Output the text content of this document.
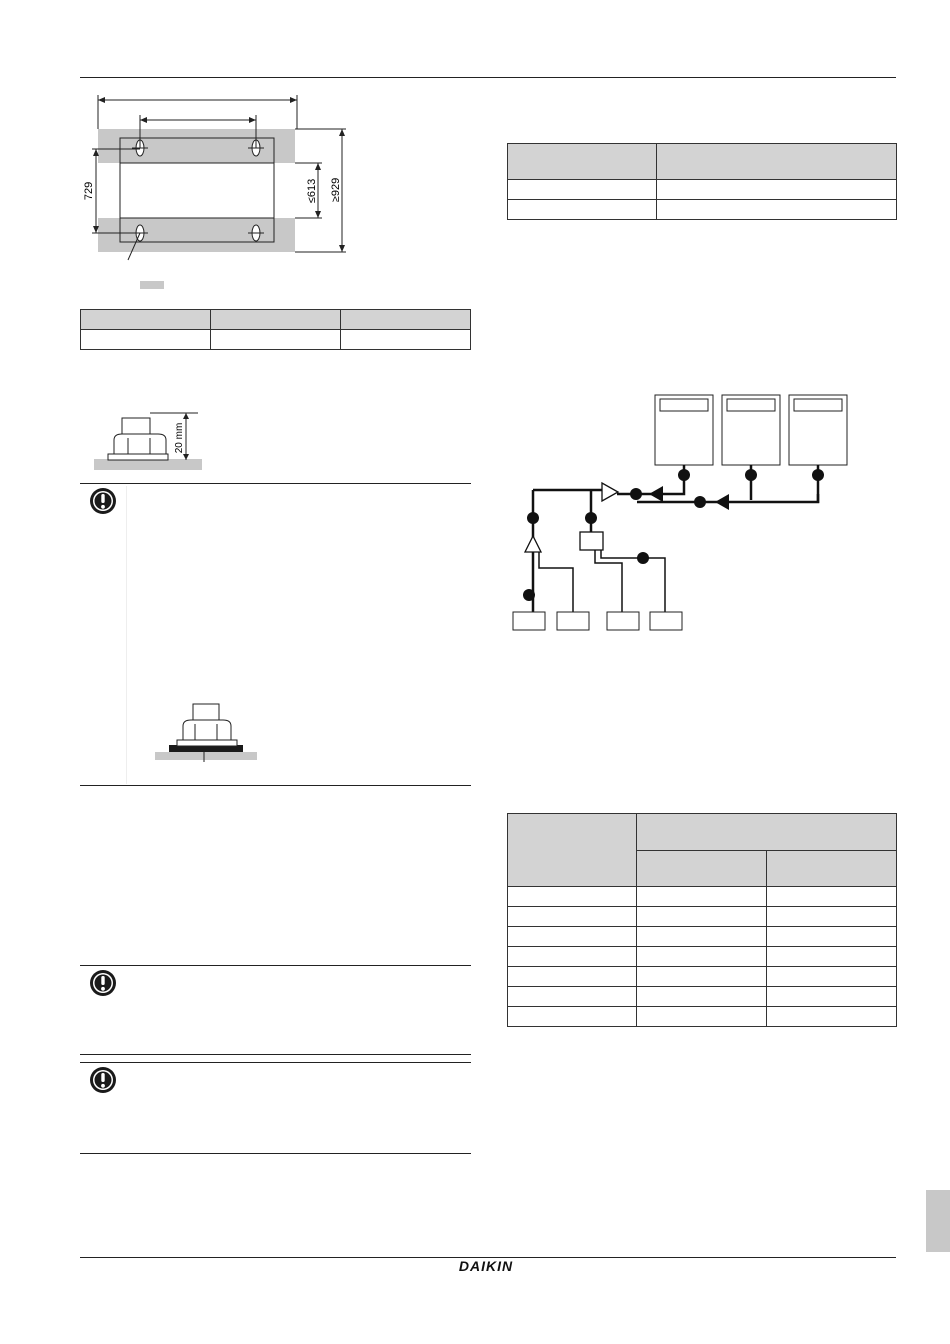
729	≤613 ≥929

20 mm

DAIKIN
